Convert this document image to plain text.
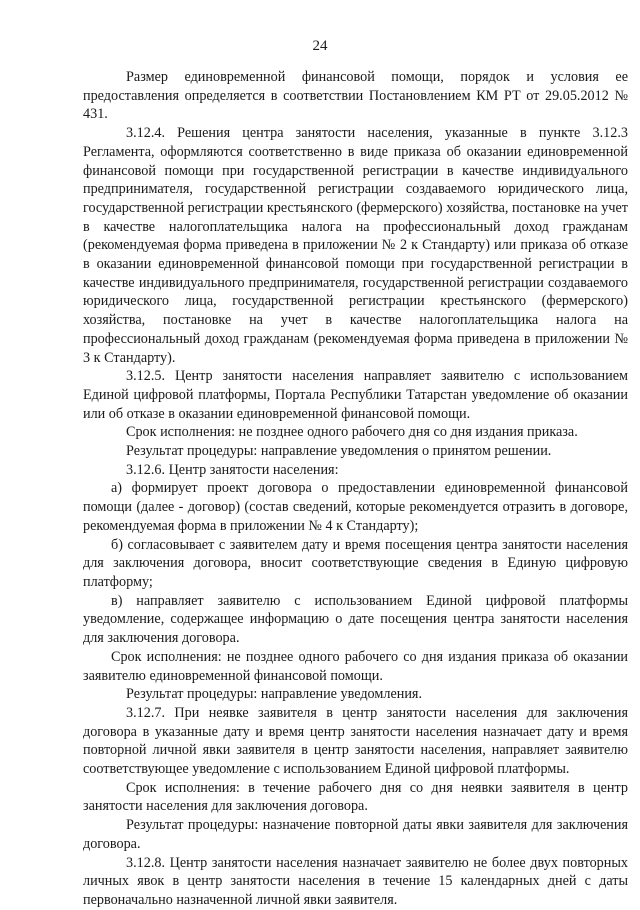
24

Размер единовременной финансовой помощи, порядок и условия ее предоставления определяется в соответствии Постановлением КМ РТ от 29.05.2012 № 431.

3.12.4. Решения центра занятости населения, указанные в пункте 3.12.3 Регламента, оформляются соответственно в виде приказа об оказании единовременной финансовой помощи при государственной регистрации в качестве индивидуального предпринимателя, государственной регистрации создаваемого юридического лица, государственной регистрации крестьянского (фермерского) хозяйства, постановке на учет в качестве налогоплательщика налога на профессиональный доход гражданам (рекомендуемая форма приведена в приложении № 2 к Стандарту) или приказа об отказе в оказании единовременной финансовой помощи при государственной регистрации в качестве индивидуального предпринимателя, государственной регистрации создаваемого юридического лица, государственной регистрации крестьянского (фермерского) хозяйства, постановке на учет в качестве налогоплательщика налога на профессиональный доход гражданам (рекомендуемая форма приведена в приложении № 3 к Стандарту).

3.12.5. Центр занятости населения направляет заявителю с использованием Единой цифровой платформы, Портала Республики Татарстан уведомление об оказании или об отказе в оказании единовременной финансовой помощи.

Срок исполнения: не позднее одного рабочего дня со дня издания приказа.

Результат процедуры: направление уведомления о принятом решении.

3.12.6. Центр занятости населения:

а) формирует проект договора о предоставлении единовременной финансовой помощи (далее - договор) (состав сведений, которые рекомендуется отразить в договоре, рекомендуемая форма в приложении № 4 к Стандарту);

б) согласовывает с заявителем дату и время посещения центра занятости населения для заключения договора, вносит соответствующие сведения в Единую цифровую платформу;

в) направляет заявителю с использованием Единой цифровой платформы уведомление, содержащее информацию о дате посещения центра занятости населения для заключения договора.

Срок исполнения: не позднее одного рабочего со дня издания приказа об оказании заявителю единовременной финансовой помощи.

Результат процедуры: направление уведомления.

3.12.7. При неявке заявителя в центр занятости населения для заключения договора в указанные дату и время центр занятости населения назначает дату и время повторной личной явки заявителя в центр занятости населения, направляет заявителю соответствующее уведомление с использованием Единой цифровой платформы.

Срок исполнения: в течение рабочего дня со дня неявки заявителя в центр занятости населения для заключения договора.

Результат процедуры: назначение повторной даты явки заявителя для заключения договора.

3.12.8. Центр занятости населения назначает заявителю не более двух повторных личных явок в центр занятости населения в течение 15 календарных дней с даты первоначально назначенной личной явки заявителя.
